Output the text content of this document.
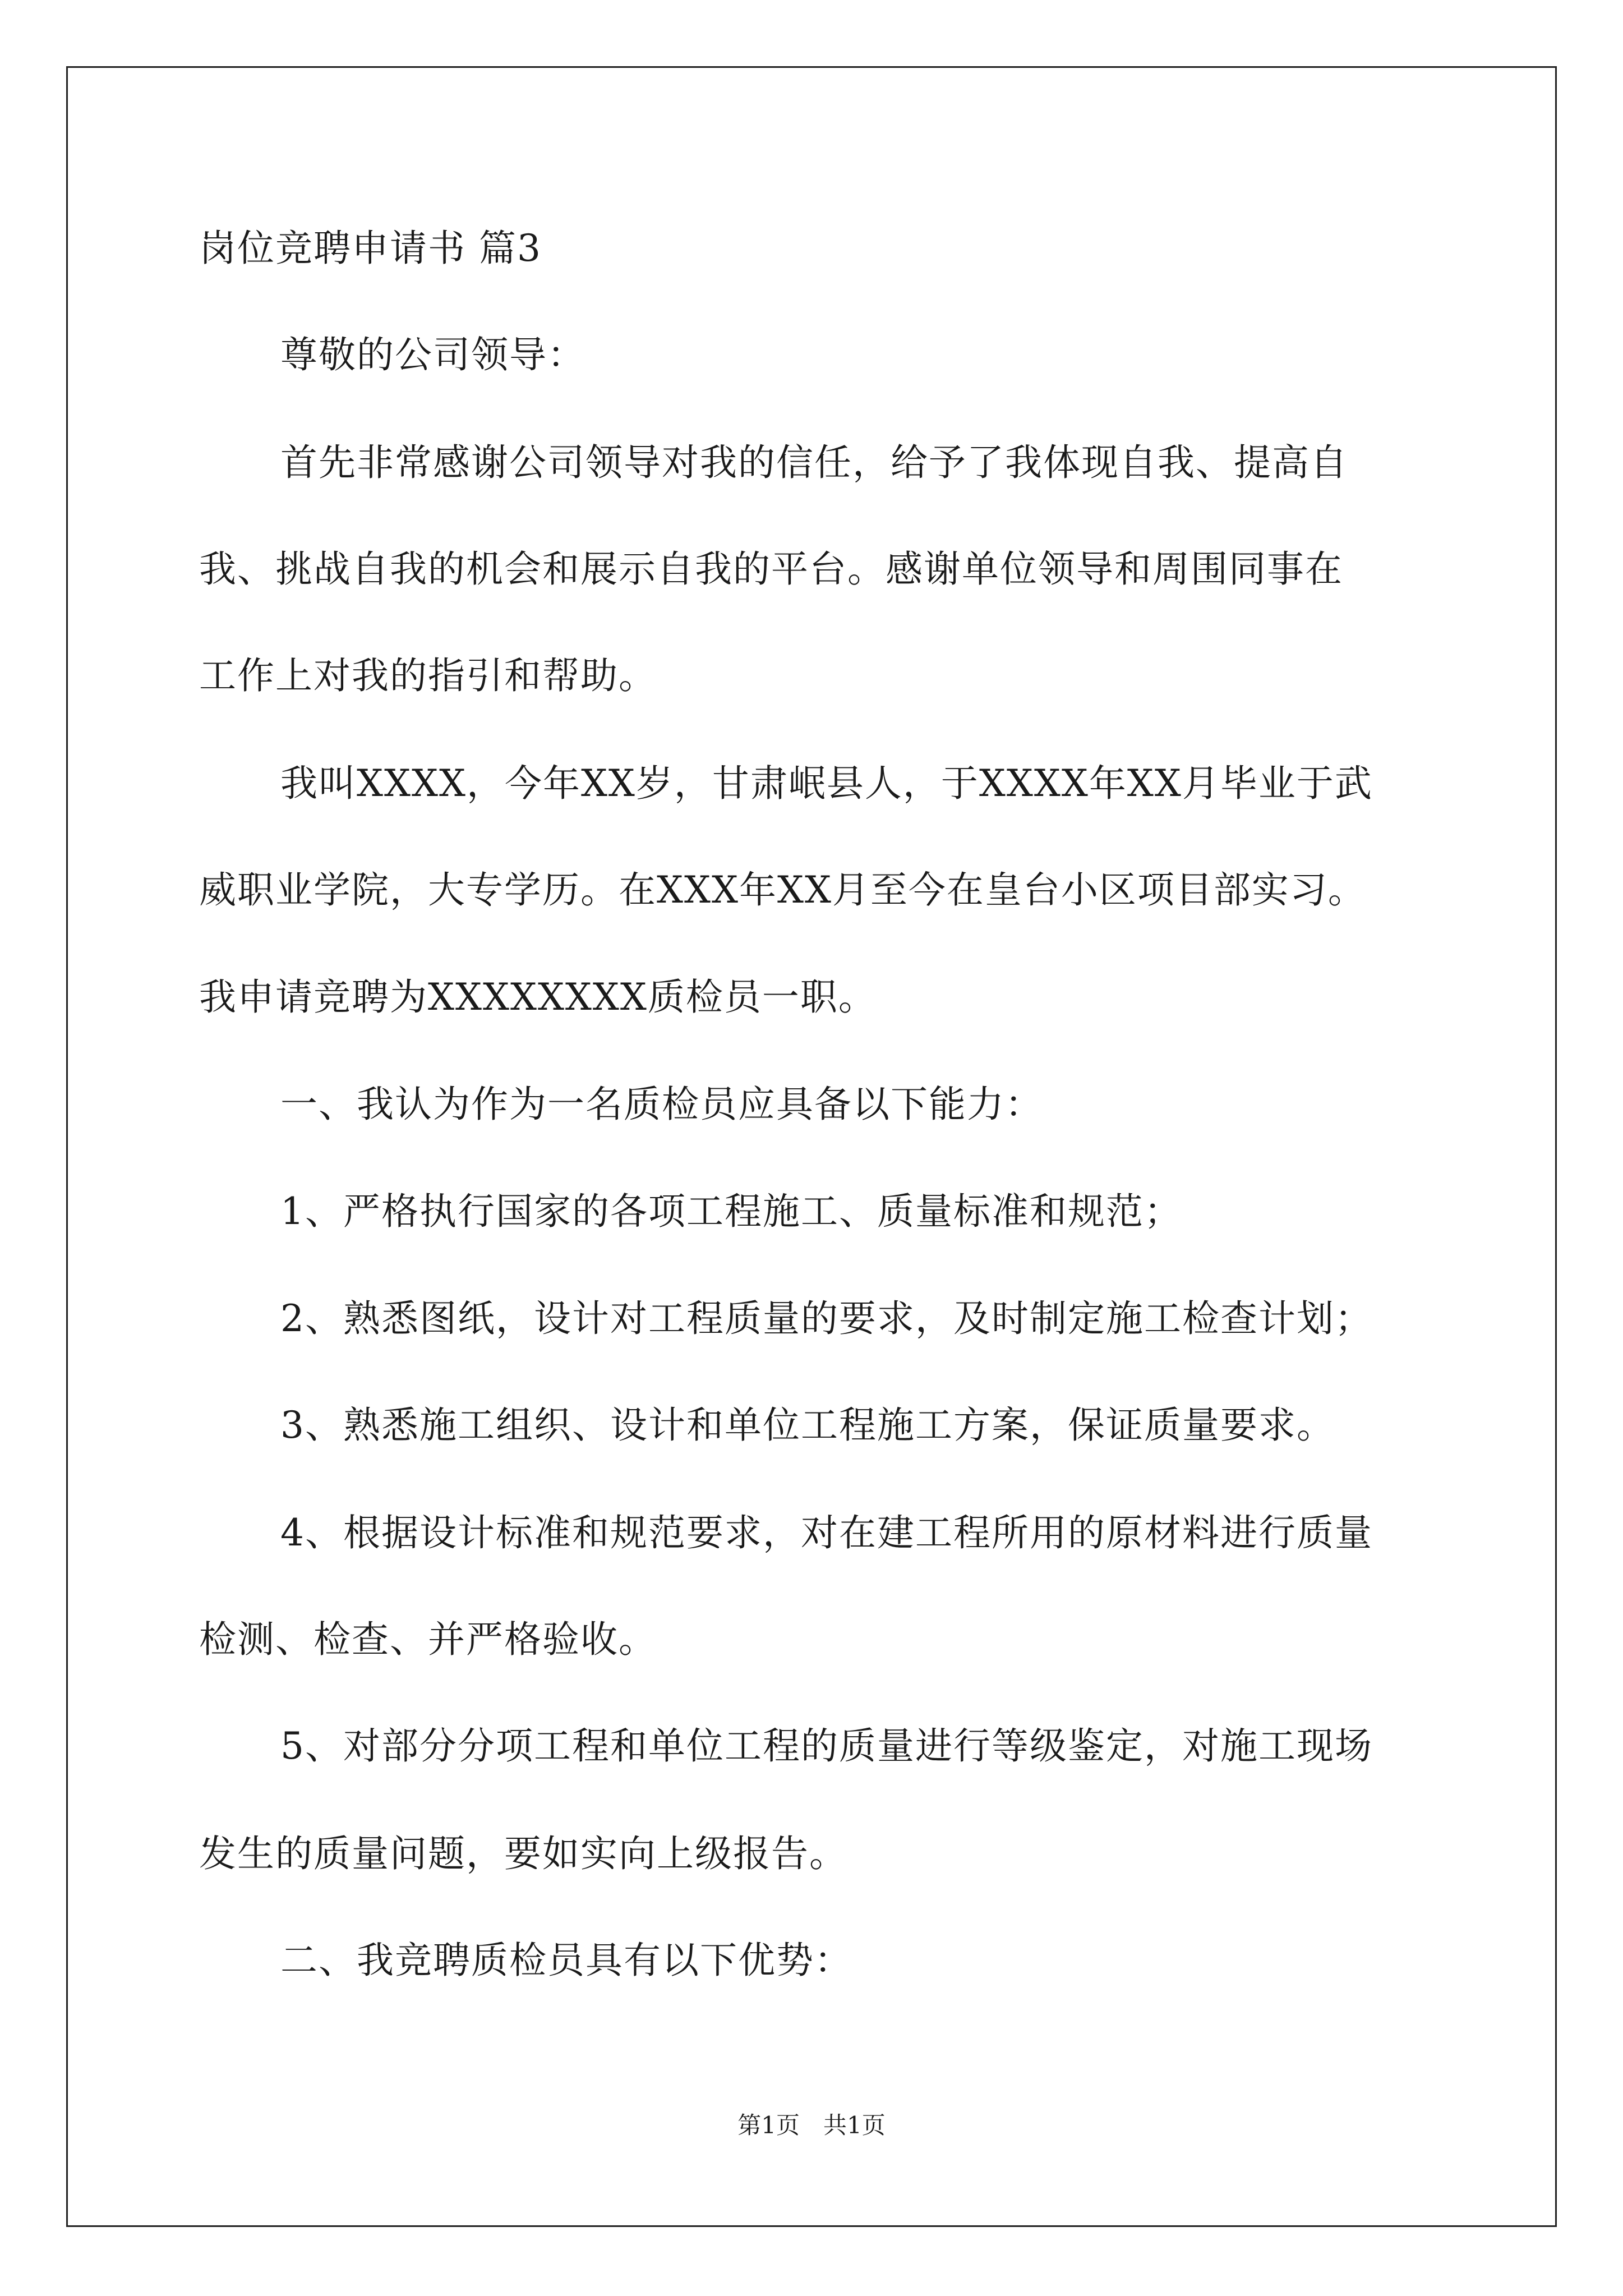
岗位竞聘申请书 篇3
尊敬的公司领导：
首先非常感谢公司领导对我的信任，给予了我体现自我、提高自
我、挑战自我的机会和展示自我的平台。感谢单位领导和周围同事在
工作上对我的指引和帮助。
我叫XXXX，今年XX岁，甘肃岷县人，于XXXX年XX月毕业于武
威职业学院，大专学历。在XXX年XX月至今在皇台小区项目部实习。
我申请竞聘为XXXXXXXX质检员一职。
一、我认为作为一名质检员应具备以下能力：
1、严格执行国家的各项工程施工、质量标准和规范；
2、熟悉图纸，设计对工程质量的要求，及时制定施工检查计划；
3、熟悉施工组织、设计和单位工程施工方案，保证质量要求。
4、根据设计标准和规范要求，对在建工程所用的原材料进行质量
检测、检查、并严格验收。
5、对部分分项工程和单位工程的质量进行等级鉴定，对施工现场
发生的质量问题，要如实向上级报告。
二、我竞聘质检员具有以下优势：
第1页　共1页
